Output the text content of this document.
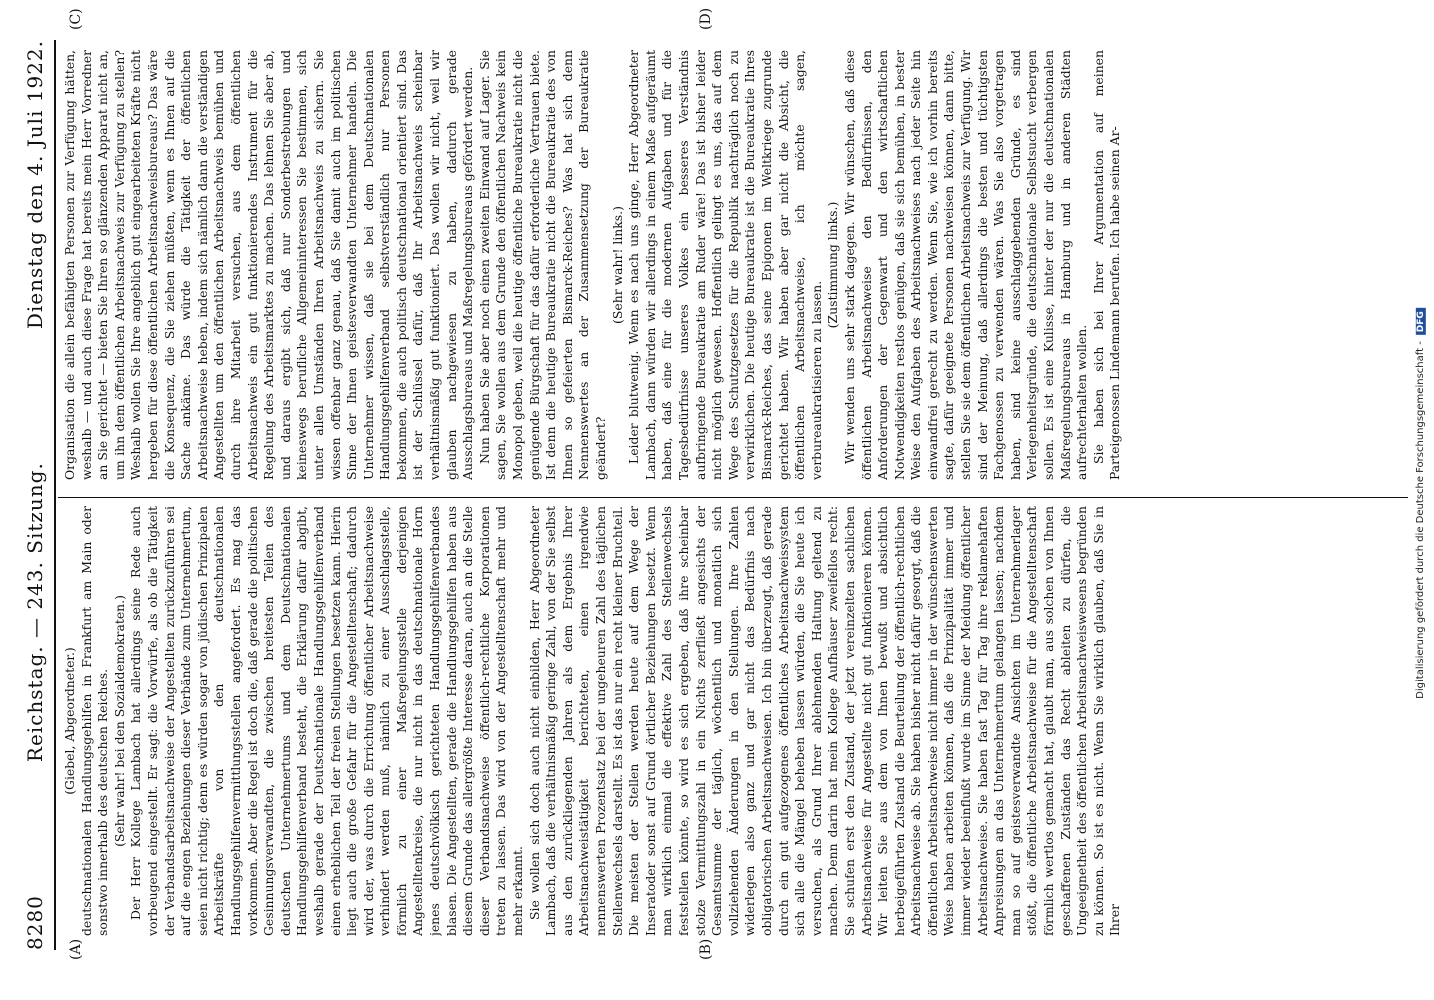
8280
Reichstag. — 243. Sitzung.
Dienstag den 4. Juli 1922.
(A)	(B)
(C)	(D)

(Giebel, Abgeordneter.) deutschnationalen Handlungsgehilfen in Frankfurt am Main oder sonstwo innerhalb des deutschen Reiches. (Sehr wahr! bei den Sozialdemokraten.) Der Herr Kollege Lambach hat allerdings seine Rede auch vorbeugend eingestellt. Er sagt: die Vorwürfe, als ob die Tätigkeit der Verbandsarbeitsnachweise der Angestellten zurückzuführen sei auf die engen Beziehungen dieser Verbände zum Unternehmertum, seien nicht richtig; denn es würden sogar von jüdischen Prinzipalen Arbeitskräfte von den deutschnationalen Handlungsgehilfenvermittlungsstellen angefordert. Es mag das vorkommen. Aber die Regel ist doch die, daß gerade die politischen Gesinnungsverwandten, die zwischen breitesten Teilen des deutschen Unternehmertums und dem Deutschnationalen Handlungsgehilfenverband besteht, die Erklärung dafür abgibt, weshalb gerade der Deutschnationale Handlungsgehilfenverband einen erheblichen Teil der freien Stellungen besetzen kann. Hierin liegt auch die große Gefahr für die Angestelltenschaft; dadurch wird der, was durch die Errichtung öffentlicher Arbeitsnachweise verhindert werden muß, nämlich zu einer Ausschlagsstelle, förmlich zu einer Maßregelungsstelle derjenigen Angestelltenkreise, die nur nicht in das deutschnationale Horn jenes deutschvölkisch gerichteten Handlungsgehilfenverbandes blasen. Die Angestellten, gerade die Handlungsgehilfen haben aus diesem Grunde das allergrößte Interesse daran, auch an die Stelle dieser Verbandsnachweise öffentlich-rechtliche Korporationen treten zu lassen. Das wird von der Angestelltenschaft mehr und mehr erkannt. Sie wollen sich doch auch nicht einbilden, Herr Abgeordneter Lambach, daß die verhältnismäßig geringe Zahl, von der Sie selbst aus den zurückliegenden Jahren als dem Ergebnis Ihrer Arbeitsnachweistätigkeit berichteten, einen irgendwie nennenswerten Prozentsatz bei der ungeheuren Zahl des täglichen Stellenwechsels darstellt. Es ist das nur ein recht kleiner Bruchteil. Die meisten der Stellen werden heute auf dem Wege der Inseratoder sonst auf Grund örtlicher Beziehungen besetzt. Wenn man wirklich einmal die effektive Zahl des Stellenwechsels feststellen könnte, so wird es sich ergeben, daß ihre scheinbar stolze Vermittlungszahl in ein Nichts zerfließt angesichts der Gesamtsumme der täglich, wöchentlich und monatlich sich vollziehenden Änderungen in den Stellungen. Ihre Zahlen widerlegen also ganz und gar nicht das Bedürfnis nach obligatorischen Arbeitsnachweisen. Ich bin überzeugt, daß gerade durch ein gut aufgezogenes öffentliches Arbeitsnachweissystem sich alle die Mängel beheben lassen würden, die Sie heute ich versuchen, als Grund Ihrer ablehnenden Haltung geltend zu machen. Denn darin hat mein Kollege Aufhäuser zweifellos recht: Sie schufen erst den Zustand, der jetzt vereinzelten sachlichen Arbeitsnachweise für Angestellte nicht gut funktionieren können. Wir leiten Sie aus dem von Ihnen bewußt und absichtlich herbeigeführten Zustand die Beurteilung der öffentlich-rechtlichen Arbeitsnachweise ab. Sie haben bisher nicht dafür gesorgt, daß die öffentlichen Arbeitsnachweise nicht immer in der wünschenswerten Weise haben arbeiten können, daß die Prinzipalität immer und immer wieder beeinflußt wurde im Sinne der Meidung öffentlicher Arbeitsnachweise. Sie haben fast Tag für Tag ihre reklamehaften Anpreisungen an das Unternehmertum gelangen lassen; nachdem man so auf geistesverwandte Ansichten im Unternehmerlager stößt, die öffentliche Arbeitsnachweise für die Angestelltenschaft förmlich wertlos gemacht hat, glaubt man, aus solchen von Ihnen geschaffenen Zuständen das Recht ableiten zu dürfen, die Ungeeignetheit des öffentlichen Arbeitsnachweiswesens begründen zu können. So ist es nicht. Wenn Sie wirklich glauben, daß Sie in Ihrer

Organisation die allein befähigten Personen zur Verfügung hätten, weshalb — und auch diese Frage hat bereits mein Herr Vorredner an Sie gerichtet — bieten Sie Ihren so glänzenden Apparat nicht an, um ihn dem öffentlichen Arbeitsnachweis zur Verfügung zu stellen? Weshalb wollen Sie Ihre angeblich gut eingearbeiteten Kräfte nicht hergeben für diese öffentlichen Arbeitsnachweisbureaus? Das wäre die Konsequenz, die Sie ziehen müßten, wenn es Ihnen auf die Sache ankäme. Das würde die Tätigkeit der öffentlichen Arbeitsnachweise heben, indem sich nämlich dann die verständigen Angestellten um den öffentlichen Arbeitsnachweis bemühen und durch ihre Mitarbeit versuchen, aus dem öffentlichen Arbeitsnachweis ein gut funktionierendes Instrument für die Regelung des Arbeitsmarktes zu machen. Das lehnen Sie aber ab, und daraus ergibt sich, daß nur Sonderbestrebungen und keineswegs berufliche Allgemeininteressen Sie bestimmen, sich unter allen Umständen Ihren Arbeitsnachweis zu sichern. Sie wissen offenbar ganz genau, daß Sie damit auch im politischen Sinne der Ihnen geistesverwandten Unternehmer handeln. Die Unternehmer wissen, daß sie bei dem Deutschnationalen Handlungsgehilfenverband selbstverständlich nur Personen bekommen, die auch politisch deutschnational orientiert sind. Das ist der Schlüssel dafür, daß Ihr Arbeitsnachweis scheinbar verhältnismäßig gut funktioniert. Das wollen wir nicht, weil wir glauben nachgewiesen zu haben, dadurch gerade Ausschlagsbureaus und Maßregelungsbureaus gefördert werden. Nun haben Sie aber noch einen zweiten Einwand auf Lager. Sie sagen, Sie wollen aus dem Grunde den öffentlichen Nachweis kein Monopol geben, weil die heutige öffentliche Bureaukratie nicht die genügende Bürgschaft für das dafür erforderliche Vertrauen biete. Ist denn die heutige Bureaukratie nicht die Bureaukratie des von Ihnen so gefeierten Bismarck-Reiches? Was hat sich denn Nennenswertes an der Zusammensetzung der Bureaukratie geändert?

(Sehr wahr! links.) Leider blutwenig. Wenn es nach uns ginge, Herr Abgeordneter Lambach, dann würden wir allerdings in einem Maße aufgeräumt haben, daß eine für die modernen Aufgaben und für die Tagesbedürfnisse unseres Volkes ein besseres Verständnis aufbringende Bureaukratie am Ruder wäre! Das ist bisher leider nicht möglich gewesen. Hoffentlich gelingt es uns, das auf dem Wege des Schutzgesetzes für die Republik nachträglich noch zu verwirklichen. Die heutige Bureaukratie ist die Bureaukratie Ihres Bismarck-Reiches, das seine Epigonen im Weltkriege zugrunde gerichtet haben. Wir haben aber gar nicht die Absicht, die öffentlichen Arbeitsnachweise, ich möchte sagen, verbureaukratisieren zu lassen.

(Zustimmung links.) Wir wenden uns sehr stark dagegen. Wir wünschen, daß diese öffentlichen Arbeitsnachweise den Bedürfnissen, den Anforderungen der Gegenwart und den wirtschaftlichen Notwendigkeiten restlos genügen, daß sie sich bemühen, in bester Weise den Aufgaben des Arbeitsnachweises nach jeder Seite hin einwandfrei gerecht zu werden. Wenn Sie, wie ich vorhin bereits sagte, dafür geeignete Personen nachweisen können, dann bitte, stellen Sie sie dem öffentlichen Arbeitsnachweis zur Verfügung. Wir sind der Meinung, daß allerdings die besten und tüchtigsten Fachgenossen zu verwenden wären. Was Sie also vorgetragen haben, sind keine ausschlaggebenden Gründe, es sind Verlegenheitsgründe, die deutschnationale Selbstsucht verbergen sollen. Es ist eine Kulisse, hinter der nur die deutschnationalen Maßregelungsbureaus in Hamburg und in anderen Städten aufrechterhalten wollen. Sie haben sich bei Ihrer Argumentation auf meinen Parteigenossen Lindemann berufen. Ich habe seinen Ar-

Digitalisierung gefördert durch die Deutsche Forschungsgemeinschaft -
DFG
